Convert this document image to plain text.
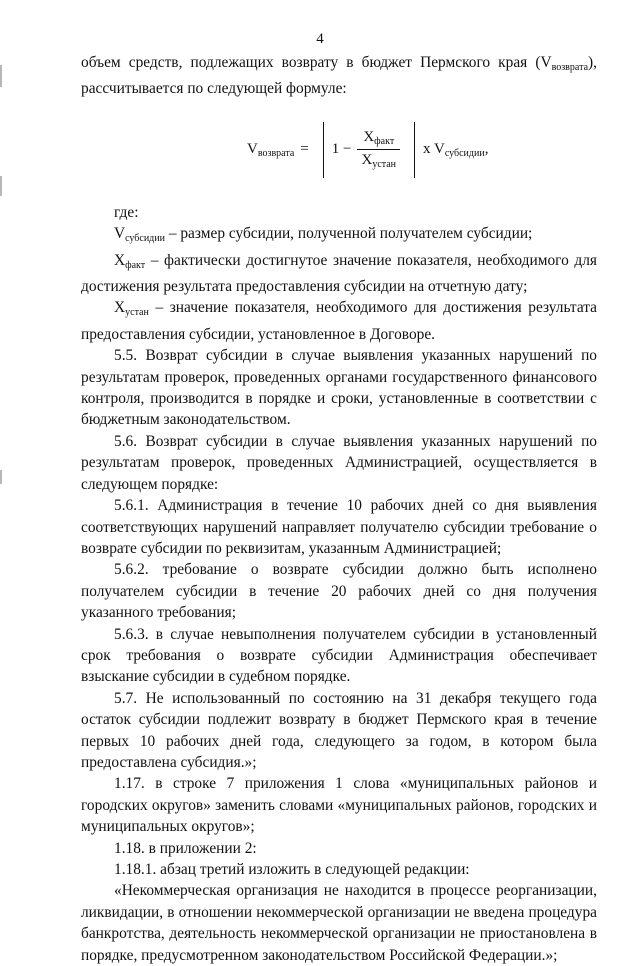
4

объем средств, подлежащих возврату в бюджет Пермского края $(V_{возврата})$, рассчитывается по следующей формуле:

$V_{возврата} = 1 - \frac{X_{факт}}{X_{устан}}$ x $V_{субсидии}$,
где:

$V_{субсидии}$ – размер субсидии, полученной получателем субсидии;

$X_{факт}$ – фактически достигнутое значение показателя, необходимого для достижения результата предоставления субсидии на отчетную дату;

$X_{устан}$ – значение показателя, необходимого для достижения результата предоставления субсидии, установленное в Договоре.

5.5. Возврат субсидии в случае выявления указанных нарушений по результатам проверок, проведенных органами государственного финансового контроля, производится в порядке и сроки, установленные в соответствии с бюджетным законодательством.

5.6. Возврат субсидии в случае выявления указанных нарушений по результатам проверок, проведенных Администрацией, осуществляется в следующем порядке:

5.6.1. Администрация в течение 10 рабочих дней со дня выявления соответствующих нарушений направляет получателю субсидии требование о возврате субсидии по реквизитам, указанным Администрацией;

5.6.2. требование о возврате субсидии должно быть исполнено получателем субсидии в течение 20 рабочих дней со дня получения указанного требования;

5.6.3. в случае невыполнения получателем субсидии в установленный срок требования о возврате субсидии Администрация обеспечивает взыскание субсидии в судебном порядке.

5.7. Не использованный по состоянию на 31 декабря текущего года остаток субсидии подлежит возврату в бюджет Пермского края в течение первых 10 рабочих дней года, следующего за годом, в котором была предоставлена субсидия.»;

1.17. в строке 7 приложения 1 слова «муниципальных районов и городских округов» заменить словами «муниципальных районов, городских и муниципальных округов»;

1.18. в приложении 2:

1.18.1. абзац третий изложить в следующей редакции:

«Некоммерческая организация не находится в процессе реорганизации, ликвидации, в отношении некоммерческой организации не введена процедура банкротства, деятельность некоммерческой организации не приостановлена в порядке, предусмотренном законодательством Российской Федерации.»;
